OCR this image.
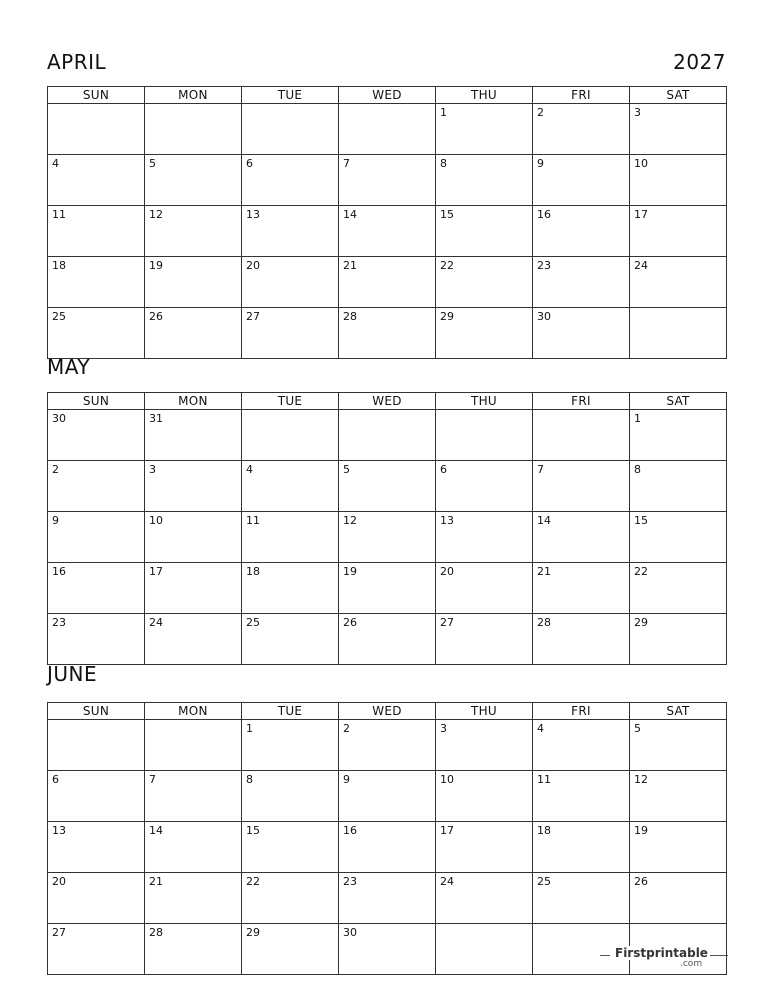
2027
APRIL
SUN	MON	TUE	WED	THU	FRI	SAT
				1	2	3
4	5	6	7	8	9	10
11	12	13	14	15	16	17
18	19	20	21	22	23	24
25	26	27	28	29	30	
MAY
SUN	MON	TUE	WED	THU	FRI	SAT
30	31					1
2	3	4	5	6	7	8
9	10	11	12	13	14	15
16	17	18	19	20	21	22
23	24	25	26	27	28	29
JUNE
SUN	MON	TUE	WED	THU	FRI	SAT
		1	2	3	4	5
6	7	8	9	10	11	12
13	14	15	16	17	18	19
20	21	22	23	24	25	26
27	28	29	30			
Firstprintable
.com
